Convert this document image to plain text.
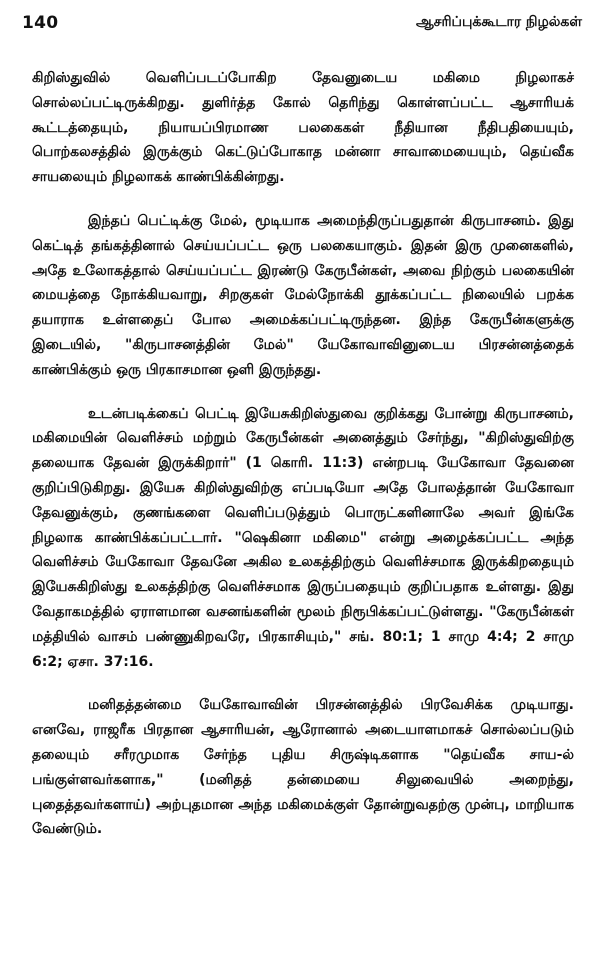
140	ஆசரிப்புக்கூடார நிழல்கள்

கிறிஸ்துவில் வெளிப்படப்போகிற தேவனுடைய மகிமை நிழலாகச் சொல்லப்பட்டிருக்கிறது. துளிர்த்த கோல் தெரிந்து கொள்ளப்பட்ட ஆசாரியக் கூட்டத்தையும், நியாயப்பிரமாண பலகைகள் நீதியான நீதிபதியையும், பொற்கலசத்தில் இருக்கும் கெட்டுப்போகாத மன்னா சாவாமையையும், தெய்வீக சாயலையும் நிழலாகக் காண்பிக்கின்றது.

இந்தப் பெட்டிக்கு மேல், மூடியாக அமைந்திருப்பதுதான் கிருபாசனம். இது கெட்டித் தங்கத்தினால் செய்யப்பட்ட ஒரு பலகையாகும். இதன் இரு முனைகளில், அதே உலோகத்தால் செய்யப்பட்ட இரண்டு கேருபீன்கள், அவை நிற்கும் பலகையின் மையத்தை நோக்கியவாறு, சிறகுகள் மேல்நோக்கி தூக்கப்பட்ட நிலையில் பறக்க தயாராக உள்ளதைப் போல அமைக்கப்பட்டிருந்தன. இந்த கேருபீன்களுக்கு இடையில், "கிருபாசனத்தின் மேல்" யேகோவாவினுடைய பிரசன்னத்தைக் காண்பிக்கும் ஒரு பிரகாசமான ஒளி இருந்தது.

உடன்படிக்கைப் பெட்டி இயேசுகிறிஸ்துவை குறிக்கது போன்று கிருபாசனம், மகிமையின் வெளிச்சம் மற்றும் கேருபீன்கள் அனைத்தும் சேர்ந்து, "கிறிஸ்துவிற்கு தலையாக தேவன் இருக்கிறார்" (1 கொரி. 11:3) என்றபடி யேகோவா தேவனை குறிப்பிடுகிறது. இயேசு கிறிஸ்துவிற்கு எப்படியோ அதே போலத்தான் யேகோவா தேவனுக்கும், குணங்களை வெளிப்படுத்தும் பொருட்களினாலே அவர் இங்கே நிழலாக காண்பிக்கப்பட்டார். "ஷெகினா மகிமை" என்று அழைக்கப்பட்ட அந்த வெளிச்சம் யேகோவா தேவனே அகில உலகத்திற்கும் வெளிச்சமாக இருக்கிறதையும் இயேசுகிறிஸ்து உலகத்திற்கு வெளிச்சமாக இருப்பதையும் குறிப்பதாக உள்ளது. இது வேதாகமத்தில் ஏராளமான வசனங்களின் மூலம் நிரூபிக்கப்பட்டுள்ளது. "கேருபீன்கள் மத்தியில் வாசம் பண்ணுகிறவரே, பிரகாசியும்," சங். 80:1; 1 சாமு 4:4; 2 சாமு 6:2; ஏசா. 37:16.

மனிதத்தன்மை யேகோவாவின் பிரசன்னத்தில் பிரவேசிக்க முடியாது. எனவே, ராஜரீக பிரதான ஆசாரியன், ஆரோனால் அடையாளமாகச் சொல்லப்படும் தலையும் சரீரமுமாக சேர்ந்த புதிய சிருஷ்டிகளாக "தெய்வீக சாய-ல் பங்குள்ளவர்களாக," (மனிதத் தன்மையை சிலுவையில் அறைந்து, புதைத்தவர்களாய்) அற்புதமான அந்த மகிமைக்குள் தோன்றுவதற்கு முன்பு, மாறியாக வேண்டும்.
